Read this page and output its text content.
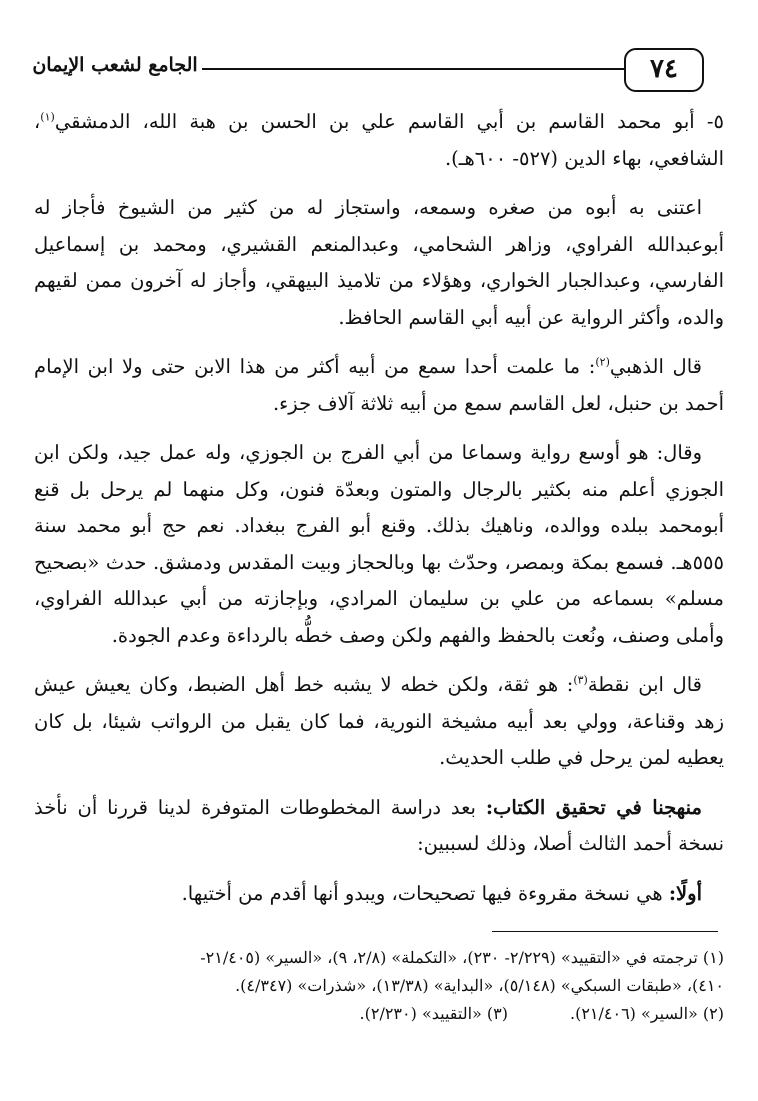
٧٤
الجامع لشعب الإيمان

٥- أبو محمد القاسم بن أبي القاسم علي بن الحسن بن هبة الله، الدمشقي$^{(١)}$، الشافعي، بهاء الدين (٥٢٧- ٦٠٠هـ).

اعتنى به أبوه من صغره وسمعه، واستجاز له من كثير من الشيوخ فأجاز له أبوعبدالله الفراوي، وزاهر الشحامي، وعبدالمنعم القشيري، ومحمد بن إسماعيل الفارسي، وعبدالجبار الخواري، وهؤلاء من تلاميذ البيهقي، وأجاز له آخرون ممن لقيهم والده، وأكثر الرواية عن أبيه أبي القاسم الحافظ.

قال الذهبي$^{(٢)}$: ما علمت أحدا سمع من أبيه أكثر من هذا الابن حتى ولا ابن الإمام أحمد بن حنبل، لعل القاسم سمع من أبيه ثلاثة آلاف جزء.

وقال: هو أوسع رواية وسماعا من أبي الفرج بن الجوزي، وله عمل جيد، ولكن ابن الجوزي أعلم منه بكثير بالرجال والمتون وبعدّة فنون، وكل منهما لم يرحل بل قنع أبومحمد ببلده ووالده، وناهيك بذلك. وقنع أبو الفرج ببغداد. نعم حج أبو محمد سنة ٥٥٥هـ. فسمع بمكة وبمصر، وحدّث بها وبالحجاز وبيت المقدس ودمشق. حدث «بصحيح مسلم» بسماعه من علي بن سليمان المرادي، وبإجازته من أبي عبدالله الفراوي، وأملى وصنف، ونُعت بالحفظ والفهم ولكن وصف خطُّه بالرداءة وعدم الجودة.

قال ابن نقطة$^{(٣)}$: هو ثقة، ولكن خطه لا يشبه خط أهل الضبط، وكان يعيش عيش زهد وقناعة، وولي بعد أبيه مشيخة النورية، فما كان يقبل من الرواتب شيئا، بل كان يعطيه لمن يرحل في طلب الحديث.

منهجنا في تحقيق الكتاب: بعد دراسة المخطوطات المتوفرة لدينا قررنا أن نأخذ نسخة أحمد الثالث أصلا، وذلك لسببين:

أولًا: هي نسخة مقروءة فيها تصحيحات، ويبدو أنها أقدم من أختيها.

(١) ترجمته في «التقييد» (٢/٢٢٩- ٢٣٠)، «التكملة» (٢/٨، ٩)، «السير» (٢١/٤٠٥-

٤١٠)، «طبقات السبكي» (٥/١٤٨)، «البداية» (١٣/٣٨)، «شذرات» (٤/٣٤٧).

(٢) «السير» (٢١/٤٠٦).
(٣) «التقييد» (٢/٢٣٠).
